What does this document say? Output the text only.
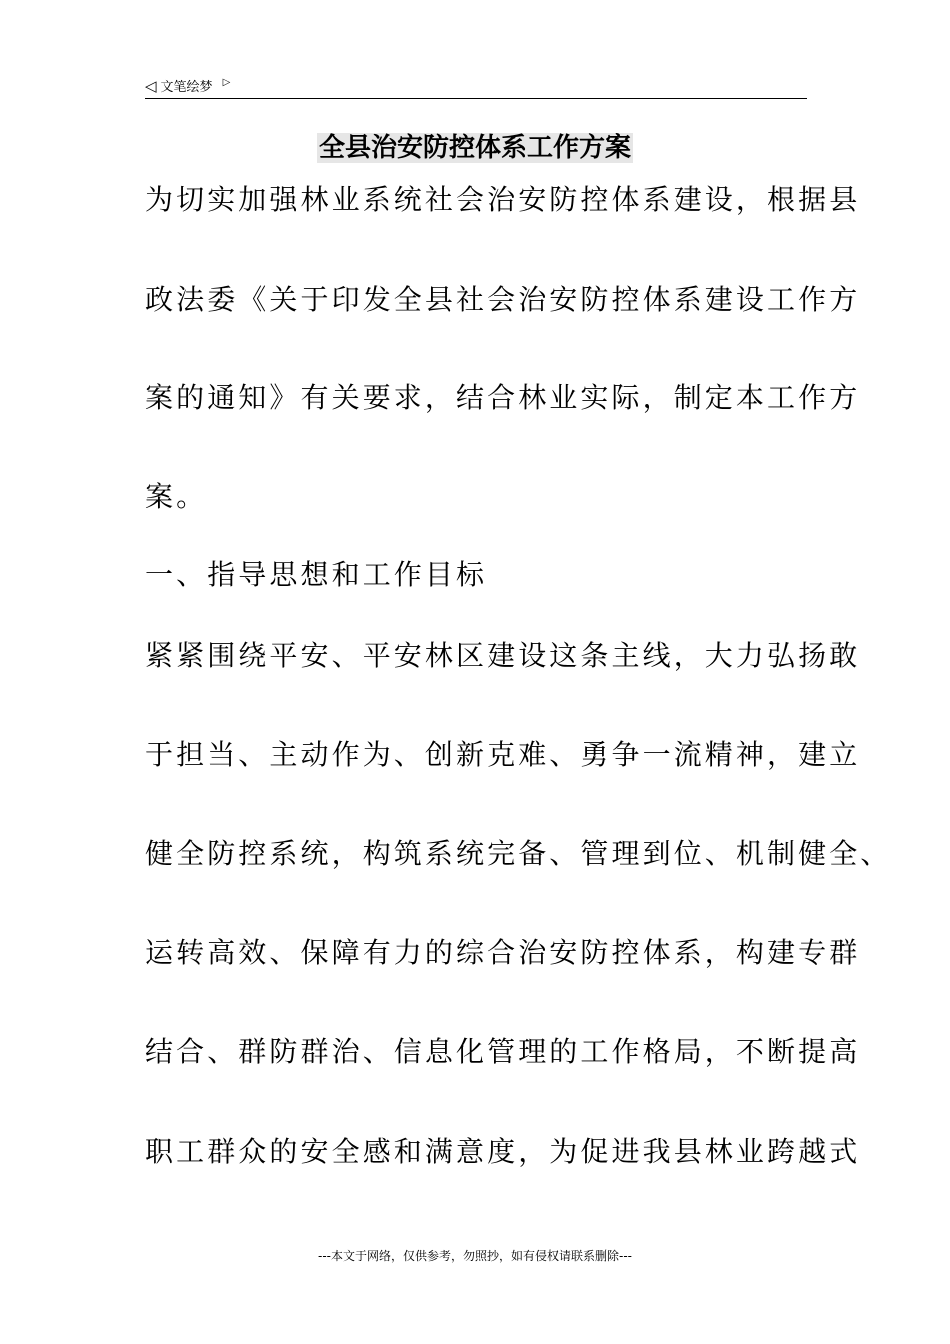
◁ 文笔绘梦 ▷
全县治安防控体系工作方案
为切实加强林业系统社会治安防控体系建设，根据县
政法委《关于印发全县社会治安防控体系建设工作方
案的通知》有关要求，结合林业实际，制定本工作方
案。
一、指导思想和工作目标
紧紧围绕平安、平安林区建设这条主线，大力弘扬敢
于担当、主动作为、创新克难、勇争一流精神，建立
健全防控系统，构筑系统完备、管理到位、机制健全、
运转高效、保障有力的综合治安防控体系，构建专群
结合、群防群治、信息化管理的工作格局，不断提高
职工群众的安全感和满意度，为促进我县林业跨越式
---本文于网络，仅供参考，勿照抄，如有侵权请联系删除---
